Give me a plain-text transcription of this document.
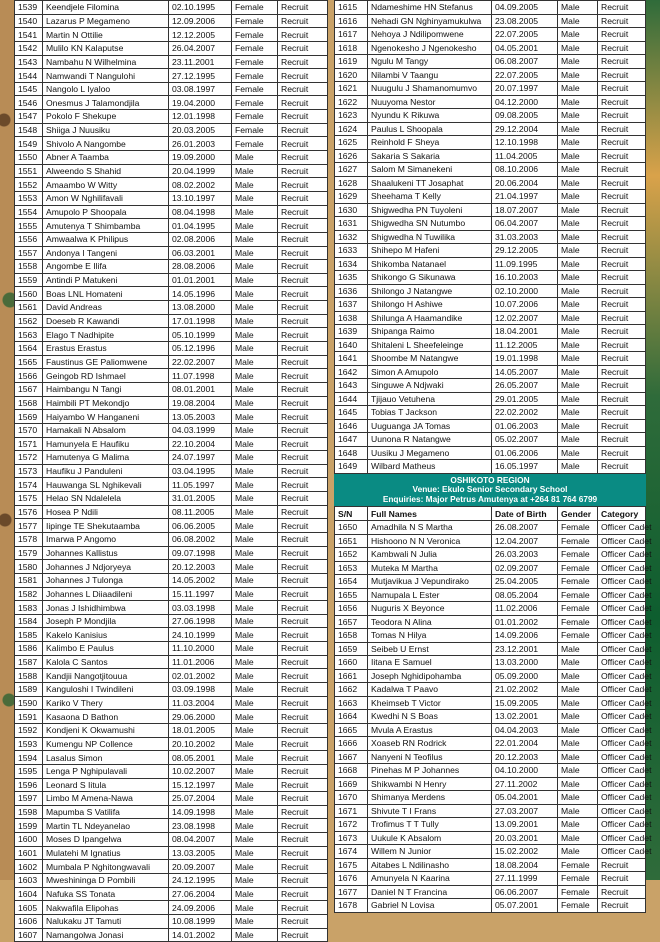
1539	Keendjele Filomina	02.10.1995	Female	Recruit
1540	Lazarus P Megameno	12.09.2006	Female	Recruit
1541	Martin N Ottilie	12.12.2005	Female	Recruit
1542	Mulilo KN Kalaputse	26.04.2007	Female	Recruit
1543	Nambahu N Wilhelmina	23.11.2001	Female	Recruit
1544	Namwandi T Nangulohi	27.12.1995	Female	Recruit
1545	Nangolo L Iyaloo	03.08.1997	Female	Recruit
1546	Onesmus J Talamondjila	19.04.2000	Female	Recruit
1547	Pokolo F Shekupe	12.01.1998	Female	Recruit
1548	Shiiga J Nuusiku	20.03.2005	Female	Recruit
1549	Shivolo A Nangombe	26.01.2003	Female	Recruit
1550	Abner A Taamba	19.09.2000	Male	Recruit
1551	Alweendo S Shahid	20.04.1999	Male	Recruit
1552	Amaambo W Witty	08.02.2002	Male	Recruit
1553	Amon W Nghilifavali	13.10.1997	Male	Recruit
1554	Amupolo P Shoopala	08.04.1998	Male	Recruit
1555	Amutenya T Shimbamba	01.04.1995	Male	Recruit
1556	Amwaalwa K Philipus	02.08.2006	Male	Recruit
1557	Andonya I Tangeni	06.03.2001	Male	Recruit
1558	Angombe E Ilifa	28.08.2006	Male	Recruit
1559	Antindi P Matukeni	01.01.2001	Male	Recruit
1560	Boas LNL Homateni	14.05.1996	Male	Recruit
1561	David Andreas	13.08.2000	Male	Recruit
1562	Doeseb R Kawandi	17.01.1998	Male	Recruit
1563	Elago T Nadhipite	05.10.1999	Male	Recruit
1564	Erastus Erastus	05.12.1996	Male	Recruit
1565	Faustinus GE Paliomwene	22.02.2007	Male	Recruit
1566	Geingob RD Ishmael	11.07.1998	Male	Recruit
1567	Haimbangu N Tangi	08.01.2001	Male	Recruit
1568	Haimbili PT Mekondjo	19.08.2004	Male	Recruit
1569	Haiyambo W Hanganeni	13.05.2003	Male	Recruit
1570	Hamakali N Absalom	04.03.1999	Male	Recruit
1571	Hamunyela E Haufiku	22.10.2004	Male	Recruit
1572	Hamutenya G Malima	24.07.1997	Male	Recruit
1573	Haufiku J Panduleni	03.04.1995	Male	Recruit
1574	Hauwanga SL Nghikevali	11.05.1997	Male	Recruit
1575	Helao SN Ndalelela	31.01.2005	Male	Recruit
1576	Hosea P Ndili	08.11.2005	Male	Recruit
1577	Iipinge TE Shekutaamba	06.06.2005	Male	Recruit
1578	Imarwa P Angomo	06.08.2002	Male	Recruit
1579	Johannes Kallistus	09.07.1998	Male	Recruit
1580	Johannes J Ndjoryeya	20.12.2003	Male	Recruit
1581	Johannes J Tulonga	14.05.2002	Male	Recruit
1582	Johannes L Diiaadileni	15.11.1997	Male	Recruit
1583	Jonas J Ishidhimbwa	03.03.1998	Male	Recruit
1584	Joseph P Mondjila	27.06.1998	Male	Recruit
1585	Kakelo Kanisius	24.10.1999	Male	Recruit
1586	Kalimbo E Paulus	11.10.2000	Male	Recruit
1587	Kalola C Santos	11.01.2006	Male	Recruit
1588	Kandjii Nangotjitouua	02.01.2002	Male	Recruit
1589	Kanguloshi I Twindileni	03.09.1998	Male	Recruit
1590	Kariko V Thery	11.03.2004	Male	Recruit
1591	Kasaona D Bathon	29.06.2000	Male	Recruit
1592	Kondjeni K Okwamushi	18.01.2005	Male	Recruit
1593	Kumengu NP Collence	20.10.2002	Male	Recruit
1594	Lasalus Simon	08.05.2001	Male	Recruit
1595	Lenga P Nghipulavali	10.02.2007	Male	Recruit
1596	Leonard S Iitula	15.12.1997	Male	Recruit
1597	Limbo M Amena-Nawa	25.07.2004	Male	Recruit
1598	Mapumba S Vatilifa	14.09.1998	Male	Recruit
1599	Martin TL Ndeyanelao	23.08.1998	Male	Recruit
1600	Moses D Ipangelwa	08.04.2007	Male	Recruit
1601	Mulatehi M Ignatius	13.03.2005	Male	Recruit
1602	Mumbala P Nghitongwavali	20.09.2007	Male	Recruit
1603	Mweshininga D Pombili	24.12.1995	Male	Recruit
1604	Nafuka SS Tonata	27.06.2004	Male	Recruit
1605	Nakwafila Elipohas	24.09.2006	Male	Recruit
1606	Nalukaku JT Tamuti	10.08.1999	Male	Recruit
1607	Namangolwa Jonasi	14.01.2002	Male	Recruit
1615	Ndameshime HN Stefanus	04.09.2005	Male	Recruit
1616	Nehadi GN Nghinyamukulwa	23.08.2005	Male	Recruit
1617	Nehoya J Ndilipomwene	22.07.2005	Male	Recruit
1618	Ngenokesho J Ngenokesho	04.05.2001	Male	Recruit
1619	Ngulu M Tangy	06.08.2007	Male	Recruit
1620	Nilambi V Taangu	22.07.2005	Male	Recruit
1621	Nuugulu J Shamanomumvo	20.07.1997	Male	Recruit
1622	Nuuyoma Nestor	04.12.2000	Male	Recruit
1623	Nyundu K Rikuwa	09.08.2005	Male	Recruit
1624	Paulus L Shoopala	29.12.2004	Male	Recruit
1625	Reinhold F Sheya	12.10.1998	Male	Recruit
1626	Sakaria S Sakaria	11.04.2005	Male	Recruit
1627	Salom M Simanekeni	08.10.2006	Male	Recruit
1628	Shaalukeni TT Josaphat	20.06.2004	Male	Recruit
1629	Sheehama T Kelly	21.04.1997	Male	Recruit
1630	Shigwedha PN Tuyoleni	18.07.2007	Male	Recruit
1631	Shigwedha SN Nutumbo	06.04.2007	Male	Recruit
1632	Shigwedha N Tuwilika	31.03.2003	Male	Recruit
1633	Shihepo M Hafeni	29.12.2005	Male	Recruit
1634	Shikomba Natanael	11.09.1995	Male	Recruit
1635	Shikongo G Sikunawa	16.10.2003	Male	Recruit
1636	Shilongo J Natangwe	02.10.2000	Male	Recruit
1637	Shilongo H Ashiwe	10.07.2006	Male	Recruit
1638	Shilunga A Haamandike	12.02.2007	Male	Recruit
1639	Shipanga Raimo	18.04.2001	Male	Recruit
1640	Shitaleni L Sheefeleinge	11.12.2005	Male	Recruit
1641	Shoombe M Natangwe	19.01.1998	Male	Recruit
1642	Simon A Amupolo	14.05.2007	Male	Recruit
1643	Singuwe A Ndjwaki	26.05.2007	Male	Recruit
1644	Tjijauo Vetuhena	29.01.2005	Male	Recruit
1645	Tobias T Jackson	22.02.2002	Male	Recruit
1646	Uuguanga JA Tomas	01.06.2003	Male	Recruit
1647	Uunona R Natangwe	05.02.2007	Male	Recruit
1648	Uusiku J Megameno	01.06.2006	Male	Recruit
1649	Wilbard Matheus	16.05.1997	Male	Recruit
OSHIKOTO REGION
Venue: Ekulo Senior Secondary School
Enquiries: Major Petrus Amutenya at +264 81 764 6799
S/N	Full Names	Date of Birth	Gender	Category
1650	Amadhila N S Martha	26.08.2007	Female	Officer Cadet
1651	Hishoono N N Veronica	12.04.2007	Female	Officer Cadet
1652	Kambwali N Julia	26.03.2003	Female	Officer Cadet
1653	Muteka M Martha	02.09.2007	Female	Officer Cadet
1654	Mutjavikua J Vepundirako	25.04.2005	Female	Officer Cadet
1655	Namupala L Ester	08.05.2004	Female	Officer Cadet
1656	Nuguris X Beyonce	11.02.2006	Female	Officer Cadet
1657	Teodora N Alina	01.01.2002	Female	Officer Cadet
1658	Tomas N Hilya	14.09.2006	Female	Officer Cadet
1659	Seibeb U Ernst	23.12.2001	Male	Officer Cadet
1660	Iitana E Samuel	13.03.2000	Male	Officer Cadet
1661	Joseph Nghidipohamba	05.09.2000	Male	Officer Cadet
1662	Kadalwa T Paavo	21.02.2002	Male	Officer Cadet
1663	Kheimseb T Victor	15.09.2005	Male	Officer Cadet
1664	Kwedhi N S Boas	13.02.2001	Male	Officer Cadet
1665	Mvula A Erastus	04.04.2003	Male	Officer Cadet
1666	Xoaseb RN Rodrick	22.01.2004	Male	Officer Cadet
1667	Nanyeni N Teofilus	20.12.2003	Male	Officer Cadet
1668	Pinehas M P Johannes	04.10.2000	Male	Officer Cadet
1669	Shikwambi N Henry	27.11.2002	Male	Officer Cadet
1670	Shimanya Merdens	05.04.2001	Male	Officer Cadet
1671	Shivute T I Frans	27.03.2007	Male	Officer Cadet
1672	Trofimus T T Tully	13.09.2001	Male	Officer Cadet
1673	Uukule K Absalom	20.03.2001	Male	Officer Cadet
1674	Willem N Junior	15.02.2002	Male	Officer Cadet
1675	Aitabes L Ndilinasho	18.08.2004	Female	Recruit
1676	Amunyela N Kaarina	27.11.1999	Female	Recruit
1677	Daniel N T Francina	06.06.2007	Female	Recruit
1678	Gabriel N Lovisa	05.07.2001	Female	Recruit
